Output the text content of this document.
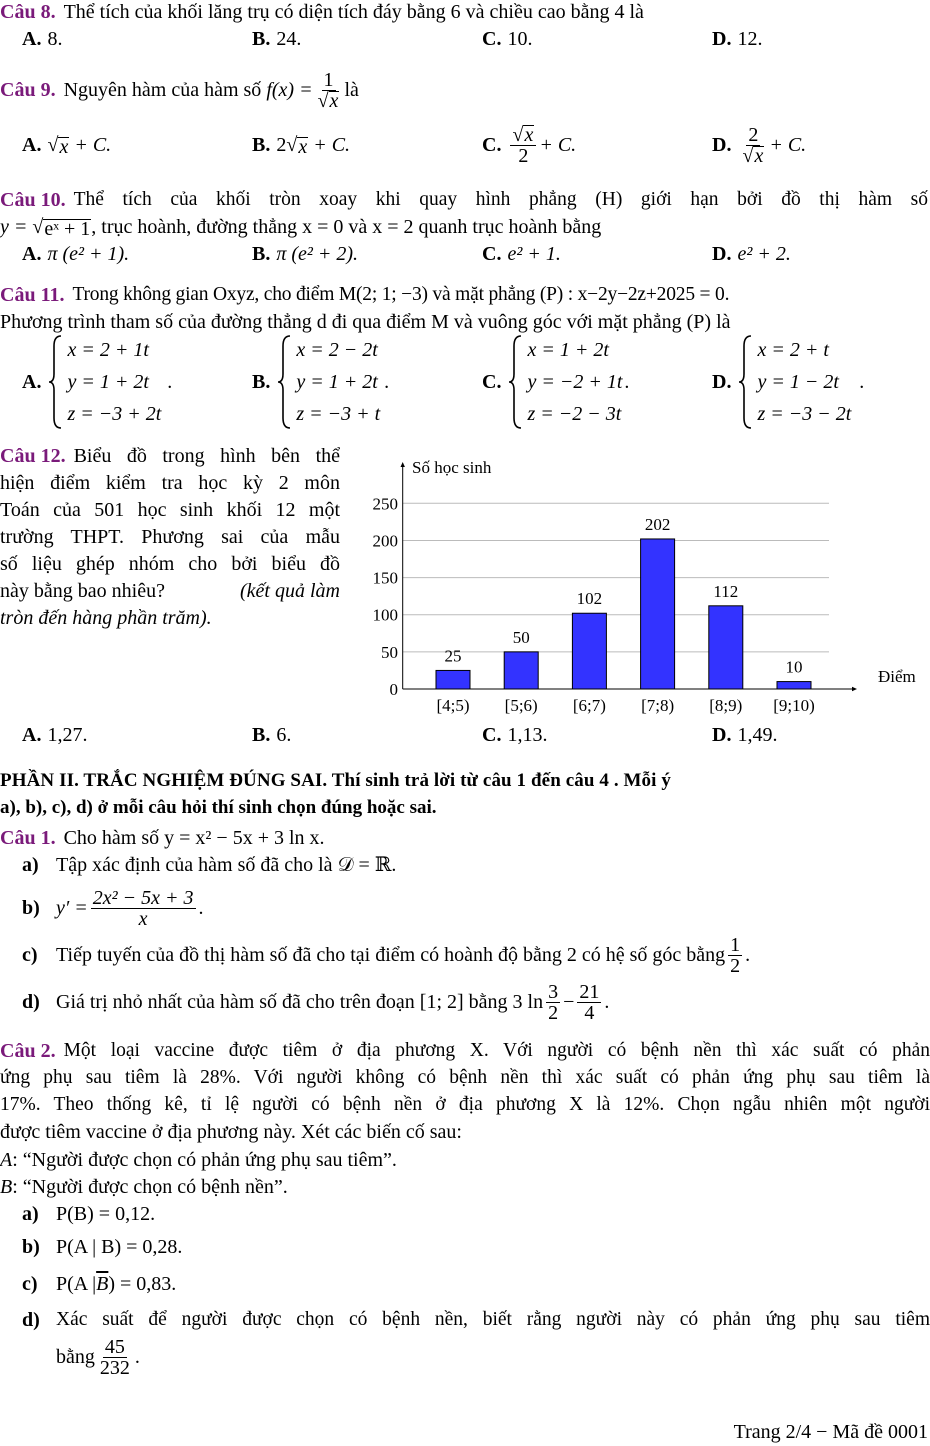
Câu 8. Thể tích của khối lăng trụ có diện tích đáy bằng 6 và chiều cao bằng 4 là
A. 8.	B. 24.	C. 10.	D. 12.
Câu 9. Nguyên hàm của hàm số
$f(x) = \frac{1}{√ x}$ là
A. √ x
+ C.	B. 2 √ x
+ C.	C. $\frac{√ x}{2} + C$.	D. $\frac{2}{√ x} + C$.
Câu 10. Thể tích của khối tròn xoay khi quay hình phẳng (H) giới hạn bởi đồ thị hàm số
y =
√ eˣ + 1 , trục hoành, đường thẳng x = 0 và x = 2 quanh trục hoành bằng
A. π (e² + 1).	B. π (e² + 2).	C. e² + 1.	D. e² + 2.
Câu 11. Trong không gian Oxyz, cho điểm M(2; 1; −3) và mặt phẳng (P) : x−2y−2z+2025 = 0.
Phương trình tham số của đường thẳng d đi qua điểm M và vuông góc với mặt phẳng (P) là
A.
x = 2 + 1t
y = 1 + 2t
z = −3 + 2t
.	B.
x = 2 − 2t
y = 1 + 2t
z = −3 + t
.	C.
x = 1 + 2t
y = −2 + 1t
z = −2 − 3t
.	D.
x = 2 + t
y = 1 − 2t
z = −3 − 2t
.
Câu 12. Biểu đồ trong hình bên thể
hiện điểm kiểm tra học kỳ 2 môn
Toán của 501 học sinh khối 12 một
trường THPT. Phương sai của mẫu
số liệu ghép nhóm cho bởi biểu đồ
này bằng bao nhiêu?	(kết quả làm
tròn đến hàng phần trăm).
Số học sinh
Điểm
0
50
100
150
200
250
25
[4;5)
50
[5;6)
102
[6;7)
202
[7;8)
112
[8;9)
10
[9;10)
A. 1,27.	B. 6.	C. 1,13.	D. 1,49.
PHẦN II. TRẮC NGHIỆM ĐÚNG SAI. Thí sinh trả lời từ câu 1 đến câu 4 . Mỗi ý
a), b), c), d) ở mỗi câu hỏi thí sinh chọn đúng hoặc sai.
Câu 1. Cho hàm số y = x² − 5x + 3 ln x.
a) Tập xác định của hàm số đã cho là 𝒟 = ℝ.
b) $y' = \frac{\text{2x² − 5x + 3}}{x}$ .
c) Tiếp tuyến của đồ thị hàm số đã cho tại điểm có hoành độ bằng 2 có hệ số góc bằng $\frac{1}{2}$ .
d) Giá trị nhỏ nhất của hàm số đã cho trên đoạn [1; 2] bằng 3 $\ln \frac{3}{2} - \frac{21}{4}$ .
Câu 2. Một loại vaccine được tiêm ở địa phương X. Với người có bệnh nền thì xác suất có phản
ứng phụ sau tiêm là 28%. Với người không có bệnh nền thì xác suất có phản ứng phụ sau tiêm là
17%. Theo thống kê, tỉ lệ người có bệnh nền ở địa phương X là 12%. Chọn ngẫu nhiên một người
được tiêm vaccine ở địa phương này. Xét các biến cố sau:
A : “Người được chọn có phản ứng phụ sau tiêm”.
B : “Người được chọn có bệnh nền”.
a) P(B) = 0,12.
b) P(A | B) = 0,28.
c) P(A | $\overline{B}$ ) = 0,83.
d) Xác suất để người được chọn có bệnh nền, biết rằng người này có phản ứng phụ sau tiêm
bằng $\frac{45}{232}$ .
Trang 2/4 − Mã đề 0001
